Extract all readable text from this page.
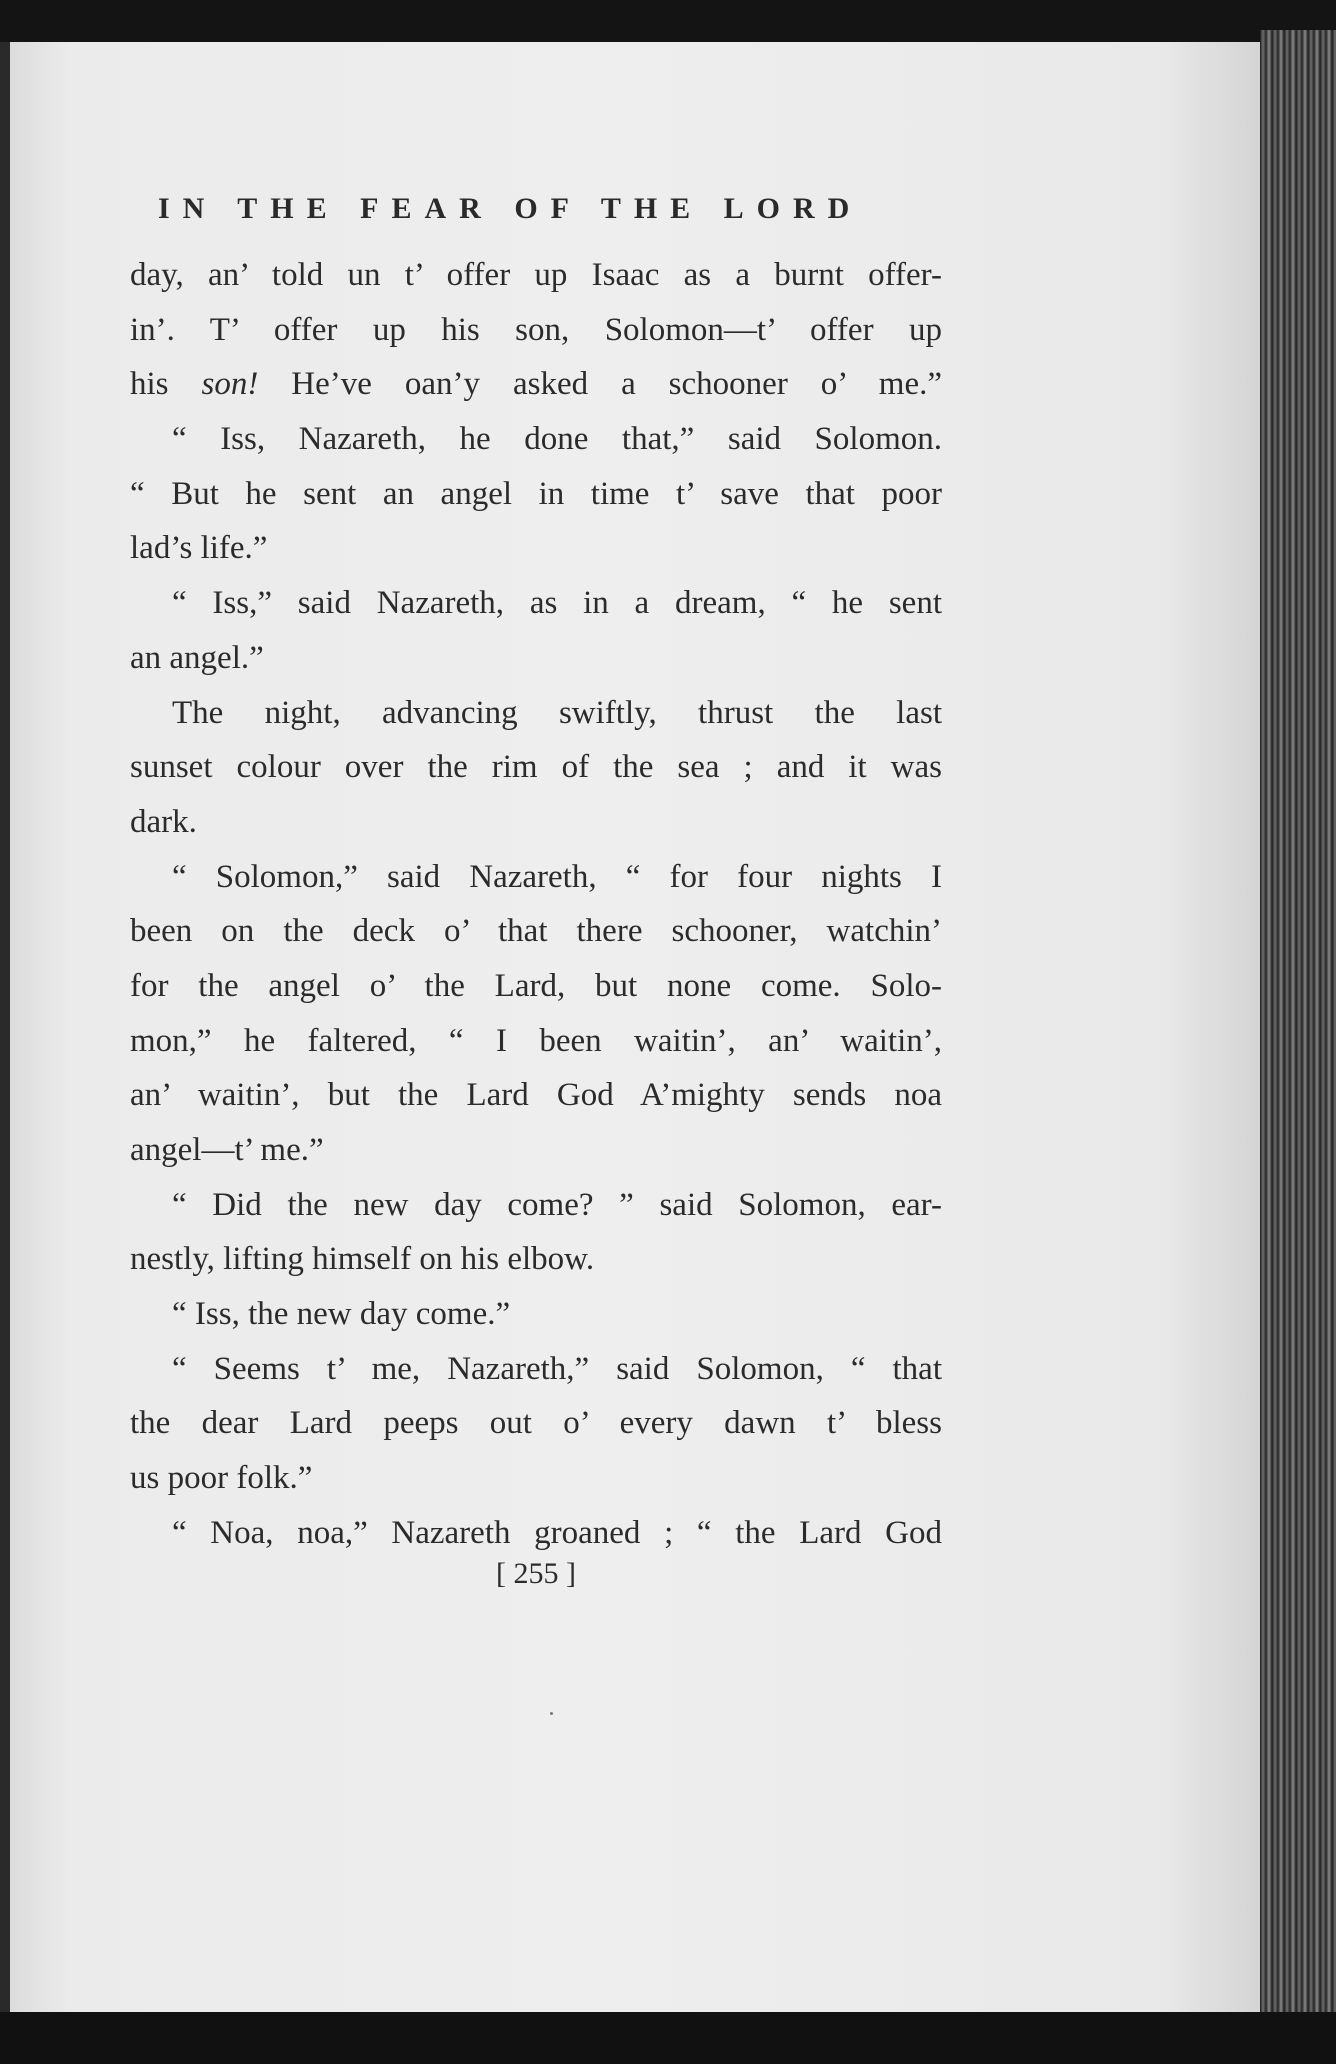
IN THE FEAR OF THE LORD

day, an’ told un t’ offer up Isaac as a burnt offer-
in’. T’ offer up his son, Solomon—t’ offer up
his son! He’ve oan’y asked a schooner o’ me.”
“ Iss, Nazareth, he done that,” said Solomon.
“ But he sent an angel in time t’ save that poor
lad’s life.”
“ Iss,” said Nazareth, as in a dream, “ he sent
an angel.”
The night, advancing swiftly, thrust the last
sunset colour over the rim of the sea ; and it was
dark.
“ Solomon,” said Nazareth, “ for four nights I
been on the deck o’ that there schooner, watchin’
for the angel o’ the Lard, but none come. Solo-
mon,” he faltered, “ I been waitin’, an’ waitin’,
an’ waitin’, but the Lard God A’mighty sends noa
angel—t’ me.”
“ Did the new day come? ” said Solomon, ear-
nestly, lifting himself on his elbow.
“ Iss, the new day come.”
“ Seems t’ me, Nazareth,” said Solomon, “ that
the dear Lard peeps out o’ every dawn t’ bless
us poor folk.”
“ Noa, noa,” Nazareth groaned ; “ the Lard God

[ 255 ]
